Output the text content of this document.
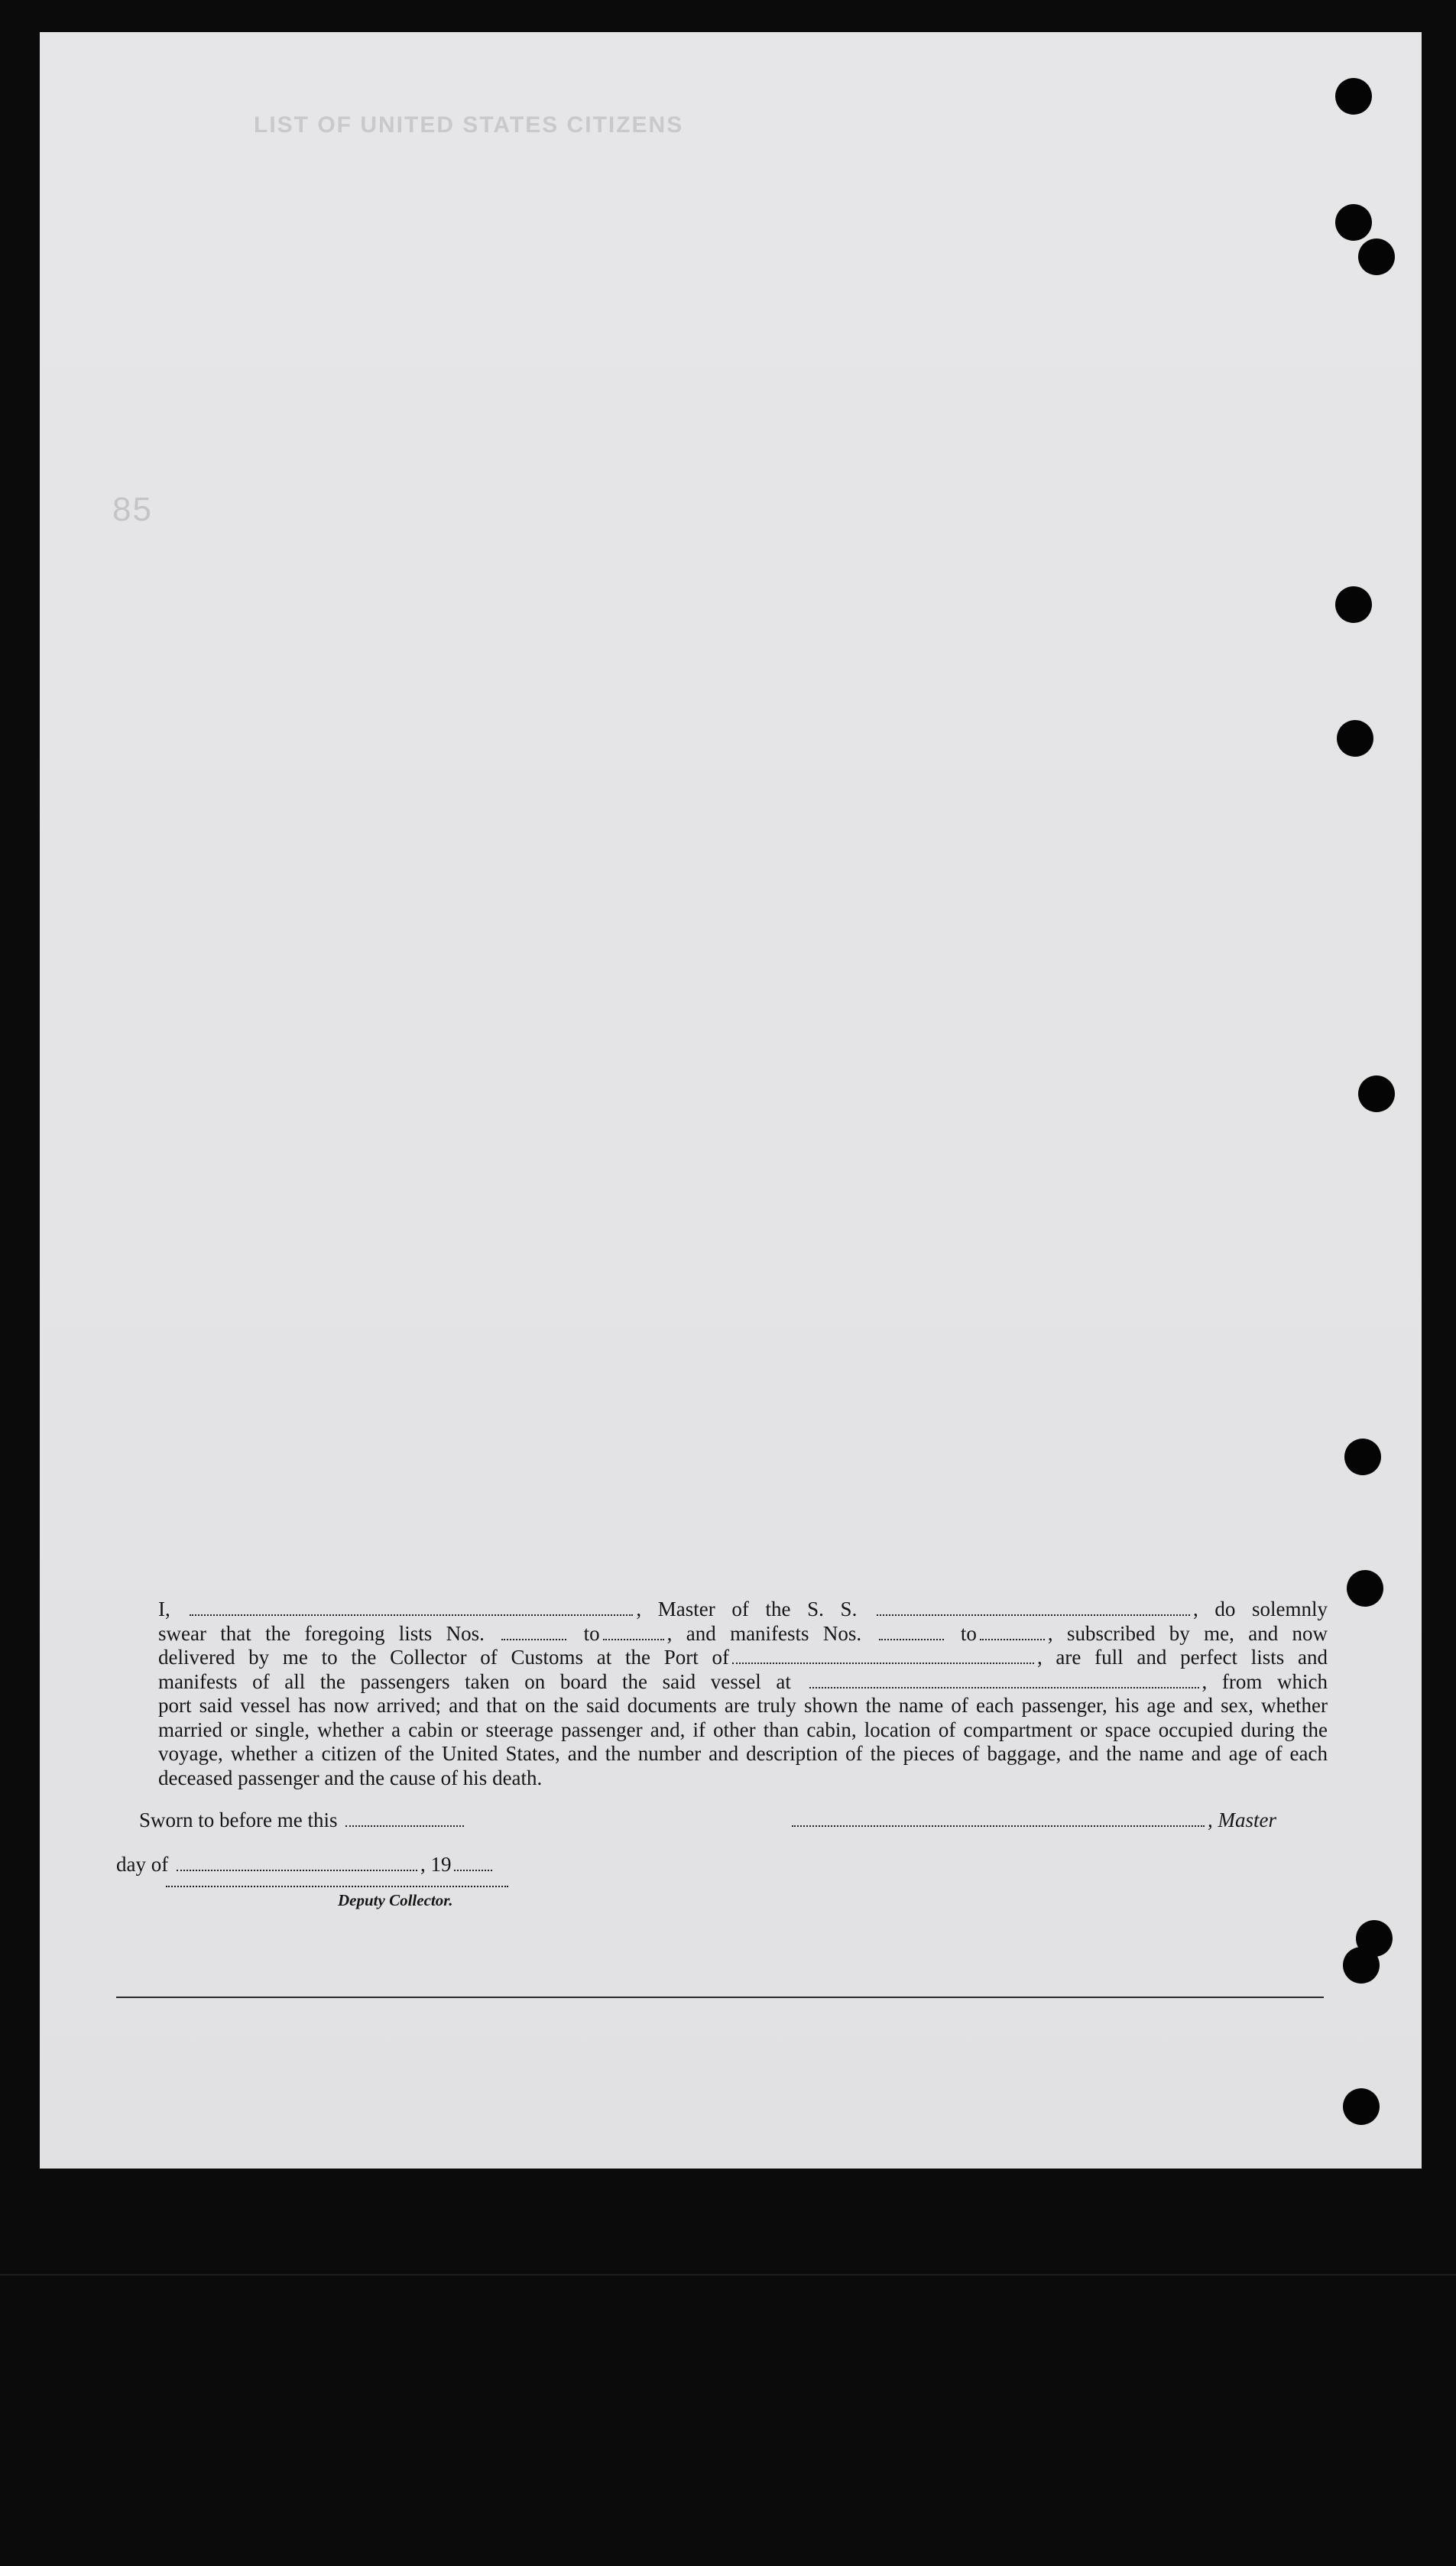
LIST OF UNITED STATES CITIZENS
85

I,	, Master of the S. S.	, do solemnly

swear that the foregoing lists Nos.	to	, and manifests Nos.	to	, subscribed by me, and now

delivered by me to the Collector of Customs at the Port of	, are full and perfect lists and

manifests of all the passengers taken on board the said vessel at	, from which

port said vessel has now arrived; and that on the said documents are truly shown the name of each passenger, his age and sex, whether married or single, whether a cabin or steerage passenger and, if other than cabin, location of compartment or space occupied during the voyage, whether a citizen of the United States, and the number and description of the pieces of baggage, and the name and age of each deceased passenger and the cause of his death.

Sworn to before me this	, Master
day of	, 19
Deputy Collector.
